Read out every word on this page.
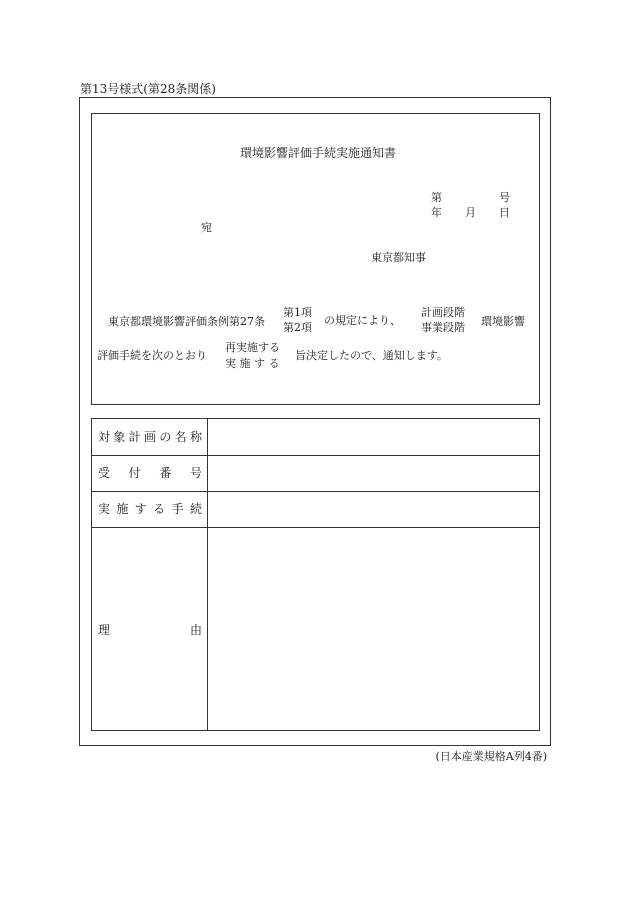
第13号様式(第28条関係)
環境影響評価手続実施通知書
第	号
年 月 日
宛
東京都知事
東京都環境影響評価条例第27条
第1項
第2項
の規定により、
計画段階
事業段階 環境影響
評価手続を次のとおり
再実施する
実 施 す る
旨決定したので、通知します。
対 象 計 画 の 名 称
受 付 番 号
実 施 す る 手 続
理	由
(日本産業規格A列4番)
